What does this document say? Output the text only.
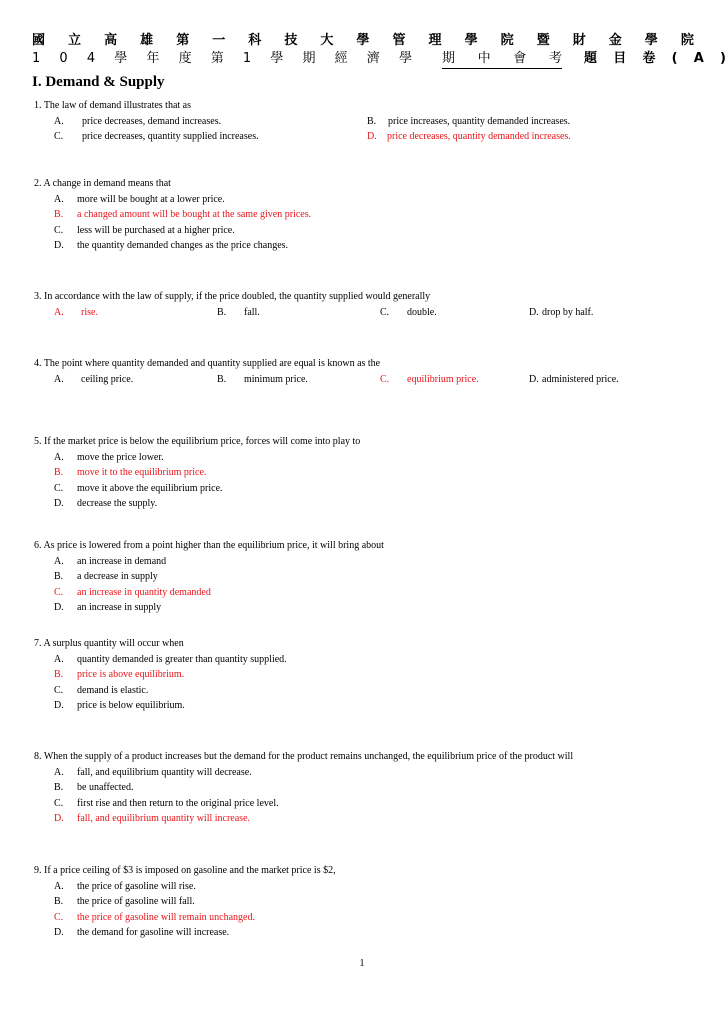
國 立 高 雄 第 一 科 技 大 學 管 理 學 院 暨 財 金 學 院
1 0 4 學 年 度 第 1 學 期 經 濟 學 期 中 會 考 題 目 卷 ( A )
I. Demand & Supply
1. The law of demand illustrates that as
A. price decreases, demand increases.	B. price increases, quantity demanded increases.
C. price decreases, quantity supplied increases.	D. price decreases, quantity demanded increases.
2. A change in demand means that
A. more will be bought at a lower price.
B. a changed amount will be bought at the same given prices.
C. less will be purchased at a higher price.
D. the quantity demanded changes as the price changes.
3. In accordance with the law of supply, if the price doubled, the quantity supplied would generally
A. rise.	B. fall.	C. double.	D. drop by half.
4. The point where quantity demanded and quantity supplied are equal is known as the
A. ceiling price.	B. minimum price.	C. equilibrium price.	D. administered price.
5. If the market price is below the equilibrium price, forces will come into play to
A. move the price lower.
B. move it to the equilibrium price.
C. move it above the equilibrium price.
D. decrease the supply.
6. As price is lowered from a point higher than the equilibrium price, it will bring about
A. an increase in demand
B. a decrease in supply
C. an increase in quantity demanded
D. an increase in supply
7. A surplus quantity will occur when
A. quantity demanded is greater than quantity supplied.
B. price is above equilibrium.
C. demand is elastic.
D. price is below equilibrium.
8. When the supply of a product increases but the demand for the product remains unchanged, the equilibrium price of the product will
A. fall, and equilibrium quantity will decrease.
B. be unaffected.
C. first rise and then return to the original price level.
D. fall, and equilibrium quantity will increase.
9. If a price ceiling of $3 is imposed on gasoline and the market price is $2,
A. the price of gasoline will rise.
B. the price of gasoline will fall.
C. the price of gasoline will remain unchanged.
D. the demand for gasoline will increase.
1
